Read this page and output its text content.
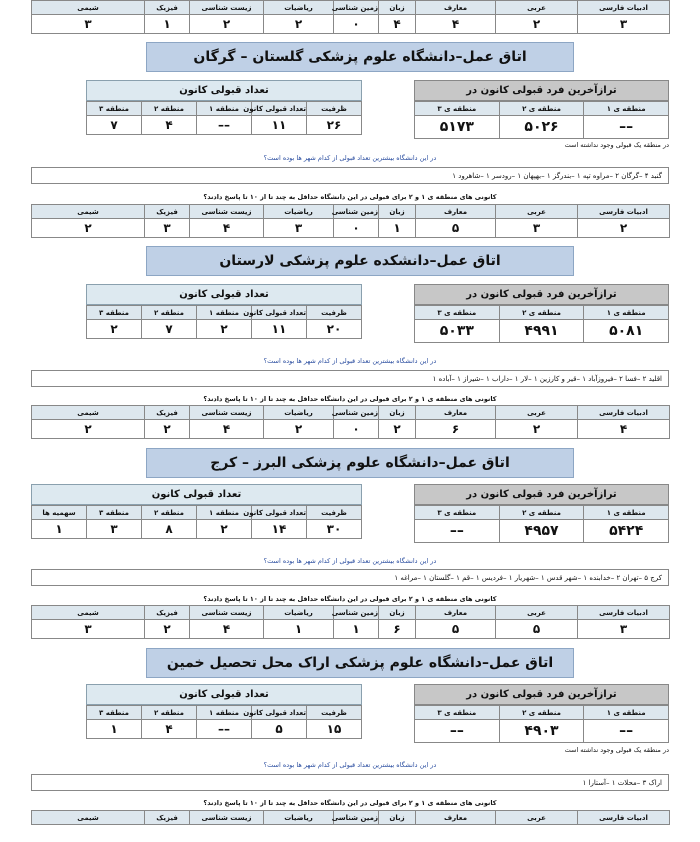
ادبیات فارسی	عربی	معارف	زبان	زمین شناسی	ریاضیات	زیست شناسی	فیزیک	شیمی
۳	۲	۴	۴	۰	۲	۲	۱	۳
اتاق عمل–دانشگاه علوم پزشکی گلستان – گرگان
تعداد قبولی کانون
ظرفیت	تعداد قبولی کانون	منطقه ۱	منطقه ۲	منطقه ۳
۲۶	۱۱	––	۴	۷
ترازآخرین فرد قبولی کانون در
منطقه ی ۱	منطقه ی ۲	منطقه ی ۳
––	۵۰۲۶	۵۱۷۳
در منطقه یک قبولی وجود نداشته است
در این دانشگاه بیشترین تعداد قبولی از کدام شهر ها بوده است؟
گنبد ۴ –گرگان ۲ –مراوه تپه ۱ –بندرگز ۱ –بهپهان ۱ –رودسر ۱ –شاهرود ۱
کانونی های منطقه ی ۱ و ۲ برای قبولی در این دانشگاه حداقل به چند تا از ۱۰ تا پاسخ دادند؟
ادبیات فارسی	عربی	معارف	زبان	زمین شناسی	ریاضیات	زیست شناسی	فیزیک	شیمی
۲	۳	۵	۱	۰	۳	۴	۳	۲
اتاق عمل–دانشکده علوم پزشکی لارستان
تعداد قبولی کانون
ظرفیت	تعداد قبولی کانون	منطقه ۱	منطقه ۲	منطقه ۳
۲۰	۱۱	۲	۷	۲
ترازآخرین فرد قبولی کانون در
منطقه ی ۱	منطقه ی ۲	منطقه ی ۳
۵۰۸۱	۴۹۹۱	۵۰۳۳
در این دانشگاه بیشترین تعداد قبولی از کدام شهر ها بوده است؟
اقلید ۲ –فسا ۲ –فیروزآباد ۱ –قیر و کارزین ۱ –لار ۱ –داراب ۱ –شیراز ۱ –آباده ۱
کانونی های منطقه ی ۱ و ۲ برای قبولی در این دانشگاه حداقل به چند تا از ۱۰ تا پاسخ دادند؟
ادبیات فارسی	عربی	معارف	زبان	زمین شناسی	ریاضیات	زیست شناسی	فیزیک	شیمی
۴	۲	۶	۲	۰	۲	۴	۲	۲
اتاق عمل–دانشگاه علوم پزشکی البرز – کرج
تعداد قبولی کانون
ظرفیت	تعداد قبولی کانون	منطقه ۱	منطقه ۲	منطقه ۳	سهمیه ها
۳۰	۱۴	۲	۸	۳	۱
ترازآخرین فرد قبولی کانون در
منطقه ی ۱	منطقه ی ۲	منطقه ی ۳
۵۴۲۴	۴۹۵۷	––
در این دانشگاه بیشترین تعداد قبولی از کدام شهر ها بوده است؟
کرج ۵ –تهران ۲ –خدابنده ۱ –شهر قدس ۱ –شهریار ۱ –فردیس ۱ –قم ۱ –گلستان ۱ –مراغه ۱
کانونی های منطقه ی ۱ و ۲ برای قبولی در این دانشگاه حداقل به چند تا از ۱۰ تا پاسخ دادند؟
ادبیات فارسی	عربی	معارف	زبان	زمین شناسی	ریاضیات	زیست شناسی	فیزیک	شیمی
۳	۵	۵	۶	۱	۱	۴	۲	۳
اتاق عمل–دانشگاه علوم پزشکی اراک محل تحصیل خمین
تعداد قبولی کانون
ظرفیت	تعداد قبولی کانون	منطقه ۱	منطقه ۲	منطقه ۳
۱۵	۵	––	۴	۱
ترازآخرین فرد قبولی کانون در
منطقه ی ۱	منطقه ی ۲	منطقه ی ۳
––	۴۹۰۳	––
در منطقه یک قبولی وجود نداشته است
در این دانشگاه بیشترین تعداد قبولی از کدام شهر ها بوده است؟
اراک ۳ –محلات ۱ –آستارا ۱
کانونی های منطقه ی ۱ و ۲ برای قبولی در این دانشگاه حداقل به چند تا از ۱۰ تا پاسخ دادند؟
ادبیات فارسی	عربی	معارف	زبان	زمین شناسی	ریاضیات	زیست شناسی	فیزیک	شیمی
